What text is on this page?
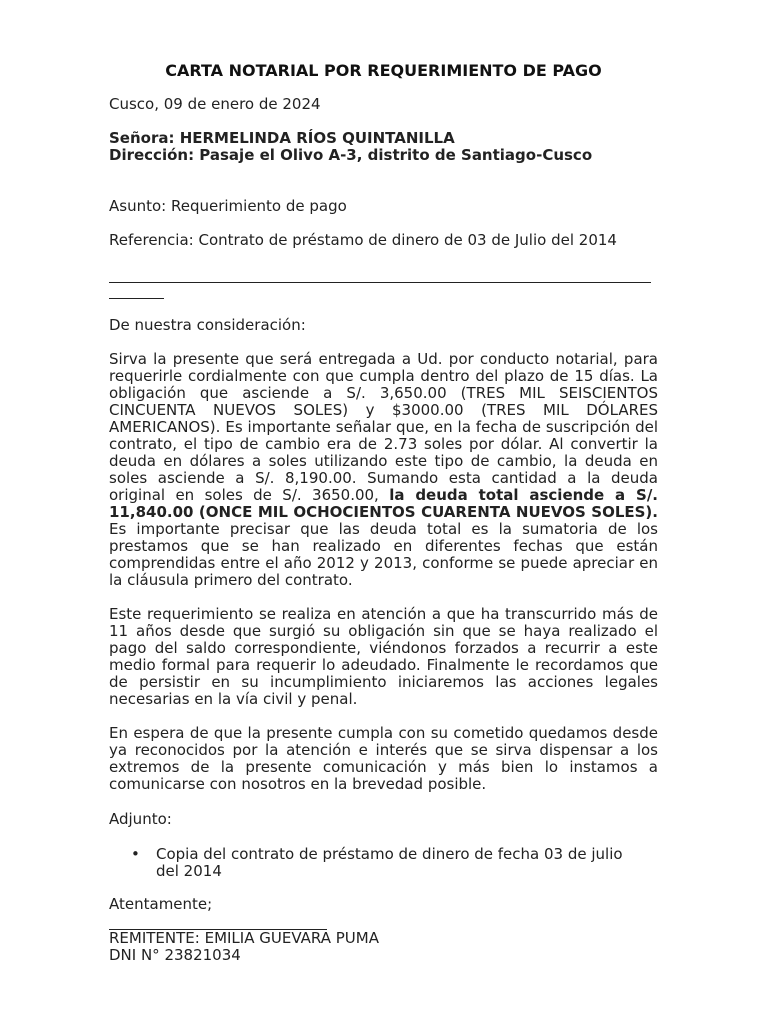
CARTA NOTARIAL POR REQUERIMIENTO DE PAGO
Cusco, 09 de enero de 2024
Señora: HERMELINDA RÍOS QUINTANILLA
Dirección: Pasaje el Olivo A-3, distrito de Santiago-Cusco
Asunto: Requerimiento de pago
Referencia: Contrato de préstamo de dinero de 03 de Julio del 2014
De nuestra consideración:

Sirva la presente que será entregada a Ud. por conducto notarial, para requerirle cordialmente con que cumpla dentro del plazo de 15 días. La obligación que asciende a S/. 3,650.00 (TRES MIL SEISCIENTOS CINCUENTA NUEVOS SOLES) y $3000.00 (TRES MIL DÓLARES AMERICANOS). Es importante señalar que, en la fecha de suscripción del contrato, el tipo de cambio era de 2.73 soles por dólar. Al convertir la deuda en dólares a soles utilizando este tipo de cambio, la deuda en soles asciende a S/. 8,190.00. Sumando esta cantidad a la deuda original en soles de S/. 3650.00, la deuda total asciende a S/. 11,840.00 (ONCE MIL OCHOCIENTOS CUARENTA NUEVOS SOLES). Es importante precisar que las deuda total es la sumatoria de los prestamos que se han realizado en diferentes fechas que están comprendidas entre el año 2012 y 2013, conforme se puede apreciar en la cláusula primero del contrato.

Este requerimiento se realiza en atención a que ha transcurrido más de 11 años desde que surgió su obligación sin que se haya realizado el pago del saldo correspondiente, viéndonos forzados a recurrir a este medio formal para requerir lo adeudado. Finalmente le recordamos que de persistir en su incumplimiento iniciaremos las acciones legales necesarias en la vía civil y penal.

En espera de que la presente cumpla con su cometido quedamos desde ya reconocidos por la atención e interés que se sirva dispensar a los extremos de la presente comunicación y más bien lo instamos a comunicarse con nosotros en la brevedad posible.

Adjunto:
• Copia del contrato de préstamo de dinero de fecha 03 de julio del 2014
Atentamente;
REMITENTE: EMILIA GUEVARA PUMA
DNI N° 23821034
